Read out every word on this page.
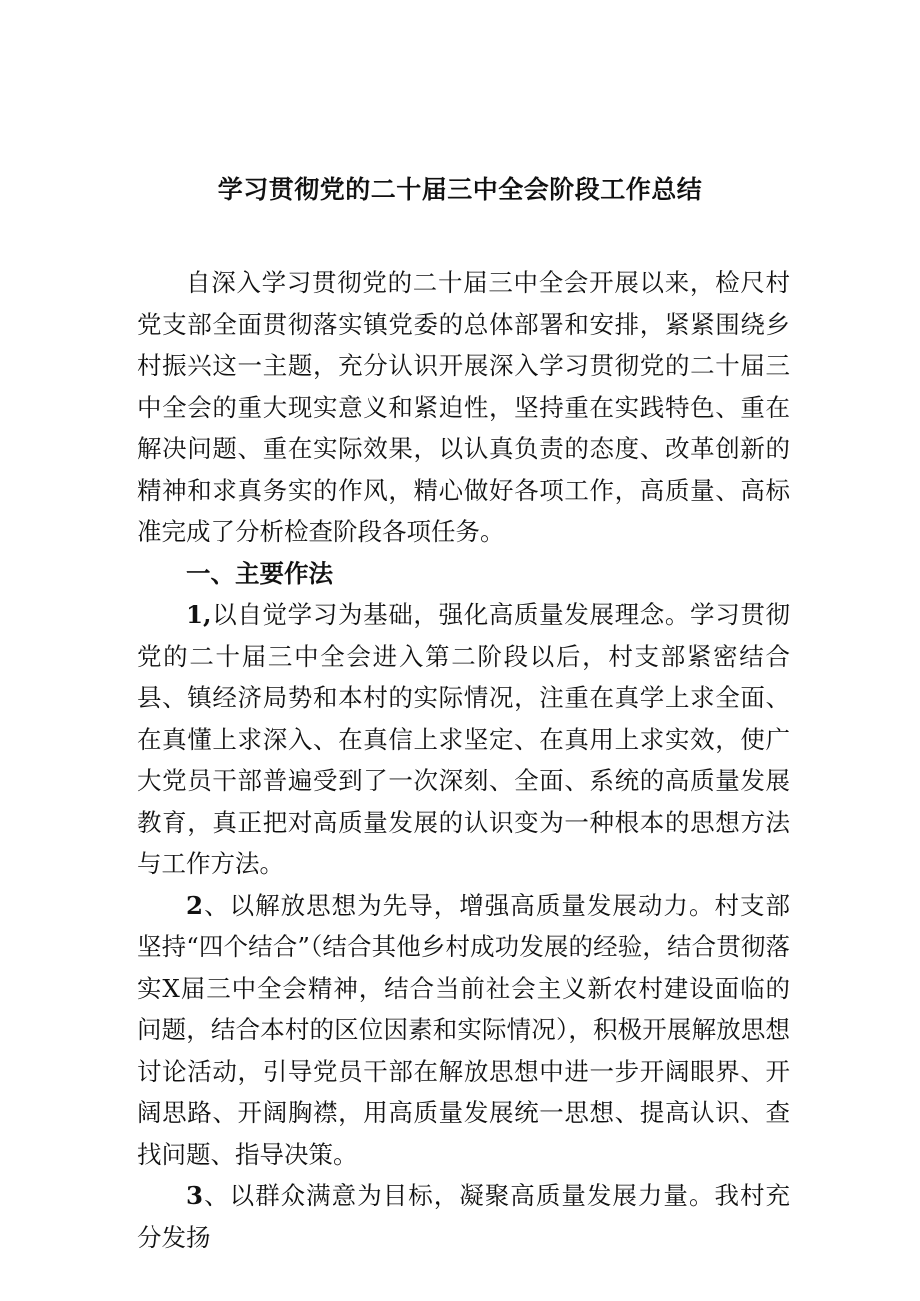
学习贯彻党的二十届三中全会阶段工作总结

自深入学习贯彻党的二十届三中全会开展以来，检尺村党支部全面贯彻落实镇党委的总体部署和安排，紧紧围绕乡村振兴这一主题，充分认识开展深入学习贯彻党的二十届三中全会的重大现实意义和紧迫性，坚持重在实践特色、重在解决问题、重在实际效果，以认真负责的态度、改革创新的精神和求真务实的作风，精心做好各项工作，高质量、高标准完成了分析检查阶段各项任务。

一、主要作法

1,以自觉学习为基础，强化高质量发展理念。学习贯彻党的二十届三中全会进入第二阶段以后，村支部紧密结合县、镇经济局势和本村的实际情况，注重在真学上求全面、在真懂上求深入、在真信上求坚定、在真用上求实效，使广大党员干部普遍受到了一次深刻、全面、系统的高质量发展教育，真正把对高质量发展的认识变为一种根本的思想方法与工作方法。

2、以解放思想为先导，增强高质量发展动力。村支部坚持“四个结合”（结合其他乡村成功发展的经验，结合贯彻落实X届三中全会精神，结合当前社会主义新农村建设面临的问题，结合本村的区位因素和实际情况），积极开展解放思想讨论活动，引导党员干部在解放思想中进一步开阔眼界、开阔思路、开阔胸襟，用高质量发展统一思想、提高认识、查找问题、指导决策。

3、以群众满意为目标，凝聚高质量发展力量。我村充分发扬
